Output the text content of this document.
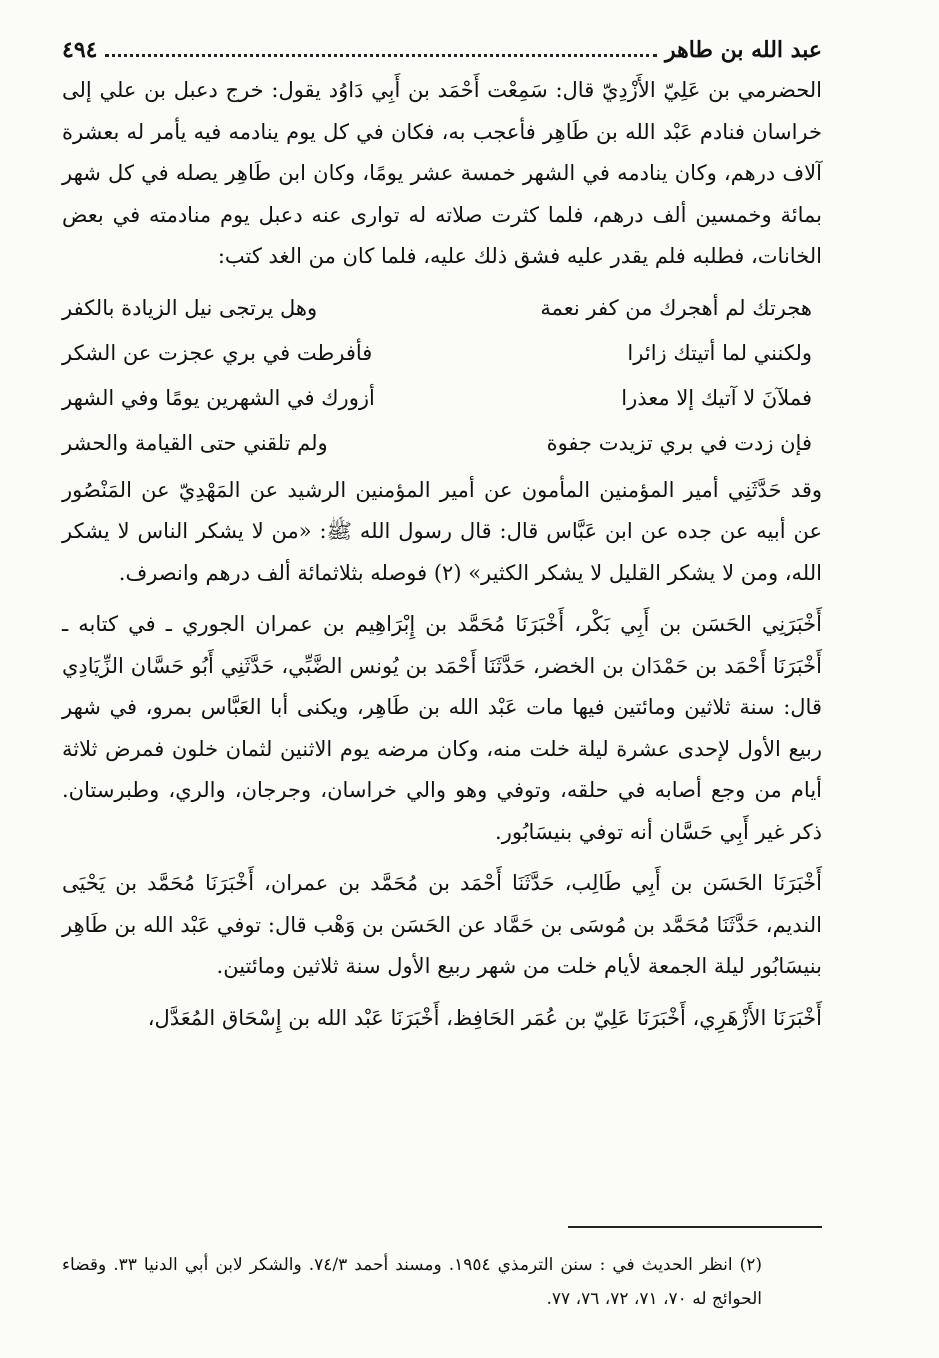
عبد الله بن طاهر
٤٩٤

الحضرمي بن عَلِيّ الأَزْدِيّ قال: سَمِعْت أَحْمَد بن أَبِي دَاوُد يقول: خرج دعبل بن علي إلى خراسان فنادم عَبْد الله بن طَاهِر فأعجب به، فكان في كل يوم ينادمه فيه يأمر له بعشرة آلاف درهم، وكان ينادمه في الشهر خمسة عشر يومًا، وكان ابن طَاهِر يصله في كل شهر بمائة وخمسين ألف درهم، فلما كثرت صلاته له توارى عنه دعبل يوم منادمته في بعض الخانات، فطلبه فلم يقدر عليه فشق ذلك عليه، فلما كان من الغد كتب:

هجرتك لم أهجرك من كفر نعمة
وهل يرتجى نيل الزيادة بالكفر
ولكنني لما أتيتك زائرا
فأفرطت في بري عجزت عن الشكر
فملآنَ لا آتيك إلا معذرا
أزورك في الشهرين يومًا وفي الشهر
فإن زدت في بري تزيدت جفوة
ولم تلقني حتى القيامة والحشر

وقد حَدَّثَنِي أمير المؤمنين المأمون عن أمير المؤمنين الرشيد عن المَهْدِيّ عن المَنْصُور عن أبيه عن جده عن ابن عَبَّاس قال: قال رسول الله ﷺ: «من لا يشكر الناس لا يشكر الله، ومن لا يشكر القليل لا يشكر الكثير» (٢) فوصله بثلاثمائة ألف درهم وانصرف.

أَخْبَرَنِي الحَسَن بن أَبِي بَكْر، أَخْبَرَنَا مُحَمَّد بن إِبْرَاهِيم بن عمران الجوري ـ في كتابه ـ أَخْبَرَنَا أَحْمَد بن حَمْدَان بن الخضر، حَدَّثَنَا أَحْمَد بن يُونس الضَّبِّي، حَدَّثَنِي أَبُو حَسَّان الزِّيَادِي قال: سنة ثلاثين ومائتين فيها مات عَبْد الله بن طَاهِر، ويكنى أبا العَبَّاس بمرو، في شهر ربيع الأول لإحدى عشرة ليلة خلت منه، وكان مرضه يوم الاثنين لثمان خلون فمرض ثلاثة أيام من وجع أصابه في حلقه، وتوفي وهو والي خراسان، وجرجان، والري، وطبرستان. ذكر غير أَبِي حَسَّان أنه توفي بنيسَابُور.

أَخْبَرَنَا الحَسَن بن أَبِي طَالِب، حَدَّثَنَا أَحْمَد بن مُحَمَّد بن عمران، أَخْبَرَنَا مُحَمَّد بن يَحْيَى النديم، حَدَّثَنَا مُحَمَّد بن مُوسَى بن حَمَّاد عن الحَسَن بن وَهْب قال: توفي عَبْد الله بن طَاهِر بنيسَابُور ليلة الجمعة لأيام خلت من شهر ربيع الأول سنة ثلاثين ومائتين.

أَخْبَرَنَا الأَزْهَرِي، أَخْبَرَنَا عَلِيّ بن عُمَر الحَافِظ، أَخْبَرَنَا عَبْد الله بن إِسْحَاق المُعَدَّل،

(٢) انظر الحديث في : سنن الترمذي ١٩٥٤. ومسند أحمد ٧٤/٣. والشكر لابن أبي الدنيا ٣٣. وقضاء الحوائج له ٧٠، ٧١، ٧٢، ٧٦، ٧٧.
